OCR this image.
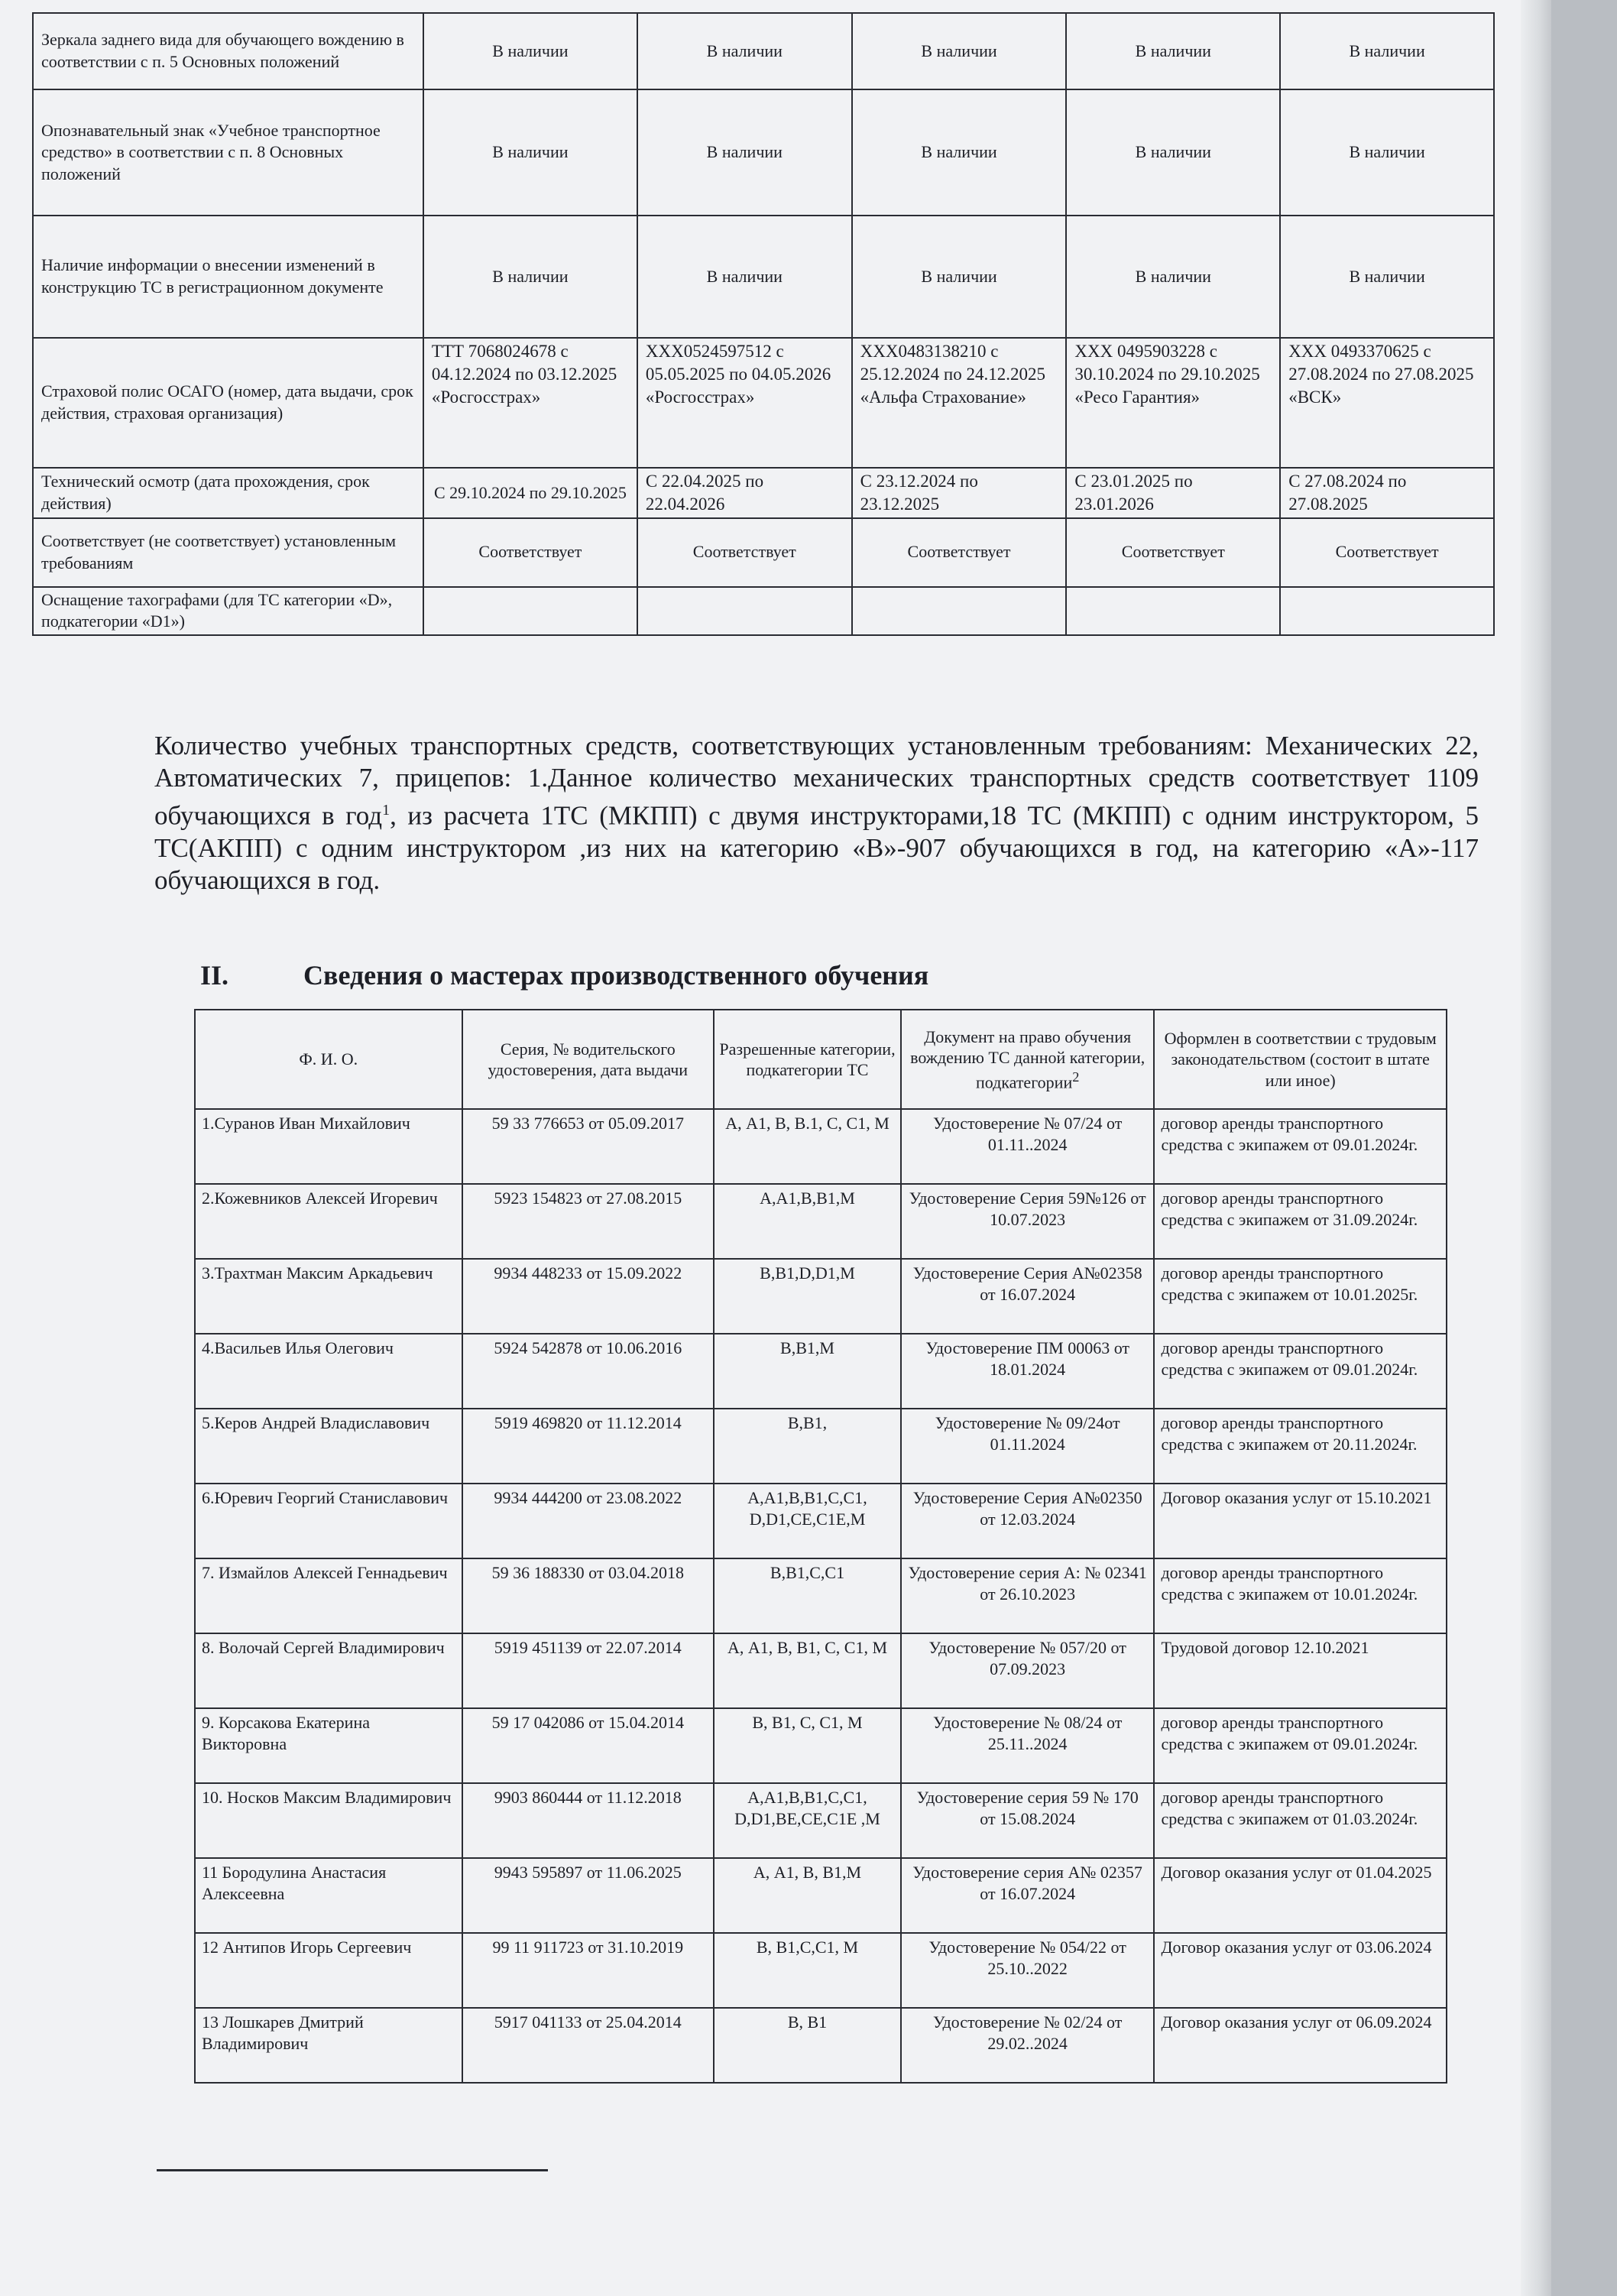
Зеркала заднего вида для обучающего вождению в соответствии с п. 5 Основных положений	В наличии	В наличии	В наличии	В наличии	В наличии
Опознавательный знак «Учебное транспортное средство» в соответствии с п. 8 Основных положений	В наличии	В наличии	В наличии	В наличии	В наличии
Наличие информации о внесении изменений в конструкцию ТС в регистрационном документе	В наличии	В наличии	В наличии	В наличии	В наличии
Страховой полис ОСАГО (номер, дата выдачи, срок действия, страховая организация)	ТТТ 7068024678 с 04.12.2024 по 03.12.2025 «Росгосстрах»	XXX0524597512 с 05.05.2025 по 04.05.2026 «Росгосстрах»	XXX0483138210 с 25.12.2024 по 24.12.2025 «Альфа Страхование»	XXX 0495903228 с 30.10.2024 по 29.10.2025 «Ресо Гарантия»	XXX 0493370625 с 27.08.2024 по 27.08.2025 «ВСК»
Технический осмотр (дата прохождения, срок действия)	С 29.10.2024 по 29.10.2025	С 22.04.2025 по 22.04.2026	С 23.12.2024 по 23.12.2025	С 23.01.2025 по 23.01.2026	С 27.08.2024 по 27.08.2025
Соответствует (не соответствует) установленным требованиям	Соответствует	Соответствует	Соответствует	Соответствует	Соответствует
Оснащение тахографами (для ТС категории «D», подкатегории «D1»)					

Количество учебных транспортных средств, соответствующих установленным требованиям: Механических 22, Автоматических 7, прицепов: 1.Данное количество механических транспортных средств соответствует 1109 обучающихся в год$^1$, из расчета 1ТС (МКПП) с двумя инструкторами,18 ТС (МКПП) с одним инструктором, 5 ТС(АКПП) с одним инструктором ,из них на категорию «В»-907 обучающихся в год, на категорию «А»-117 обучающихся в год.

II.	Сведения о мастерах производственного обучения

Ф. И. О.	Серия, № водительского удостоверения, дата выдачи	Разрешенные категории, подкатегории ТС	Документ на право обучения вождению ТС данной категории, подкатегории$^2$	Оформлен в соответствии с трудовым законодательством (состоит в штате или иное)
1.Суранов Иван Михайлович	59 33 776653 от 05.09.2017	А, А1, В, В.1, С, С1, М	Удостоверение № 07/24 от 01.11..2024	договор аренды транспортного средства с экипажем от 09.01.2024г.
2.Кожевников Алексей Игоревич	5923 154823 от 27.08.2015	А,А1,В,В1,М	Удостоверение Серия 59№126 от 10.07.2023	договор аренды транспортного средства с экипажем от 31.09.2024г.
3.Трахтман Максим Аркадьевич	9934 448233 от 15.09.2022	В,В1,D,D1,М	Удостоверение Серия А№02358 от 16.07.2024	договор аренды транспортного средства с экипажем от 10.01.2025г.
4.Васильев Илья Олегович	5924 542878 от 10.06.2016	В,В1,М	Удостоверение ПМ 00063 от 18.01.2024	договор аренды транспортного средства с экипажем от 09.01.2024г.
5.Керов Андрей Владиславович	5919 469820 от 11.12.2014	В,В1,	Удостоверение № 09/24от 01.11.2024	договор аренды транспортного средства с экипажем от 20.11.2024г.
6.Юревич Георгий Станиславович	9934 444200 от 23.08.2022	А,А1,В,В1,С,С1, D,D1,СЕ,С1Е,М	Удостоверение Серия А№02350 от 12.03.2024	Договор оказания услуг от 15.10.2021
7. Измайлов Алексей Геннадьевич	59 36 188330 от 03.04.2018	В,В1,С,С1	Удостоверение серия А: № 02341 от 26.10.2023	договор аренды транспортного средства с экипажем от 10.01.2024г.
8. Волочай Сергей Владимирович	5919 451139 от 22.07.2014	А, А1, В, В1, С, С1, М	Удостоверение № 057/20 от 07.09.2023	Трудовой договор 12.10.2021
9. Корсакова Екатерина Викторовна	59 17 042086 от 15.04.2014	В, В1, С, С1, М	Удостоверение № 08/24 от 25.11..2024	договор аренды транспортного средства с экипажем от 09.01.2024г.
10. Носков Максим Владимирович	9903 860444 от 11.12.2018	А,А1,В,В1,С,С1, D,D1,ВЕ,СЕ,С1Е ,М	Удостоверение серия 59 № 170 от 15.08.2024	договор аренды транспортного средства с экипажем от 01.03.2024г.
11 Бородулина Анастасия Алексеевна	9943 595897 от 11.06.2025	А, А1, В, В1,М	Удостоверение серия А№ 02357 от 16.07.2024	Договор оказания услуг от 01.04.2025
12 Антипов Игорь Сергеевич	99 11 911723 от 31.10.2019	В, В1,С,С1, М	Удостоверение № 054/22 от 25.10..2022	Договор оказания услуг от 03.06.2024
13 Лошкарев Дмитрий Владимирович	5917 041133 от 25.04.2014	В, В1	Удостоверение № 02/24 от 29.02..2024	Договор оказания услуг от 06.09.2024
